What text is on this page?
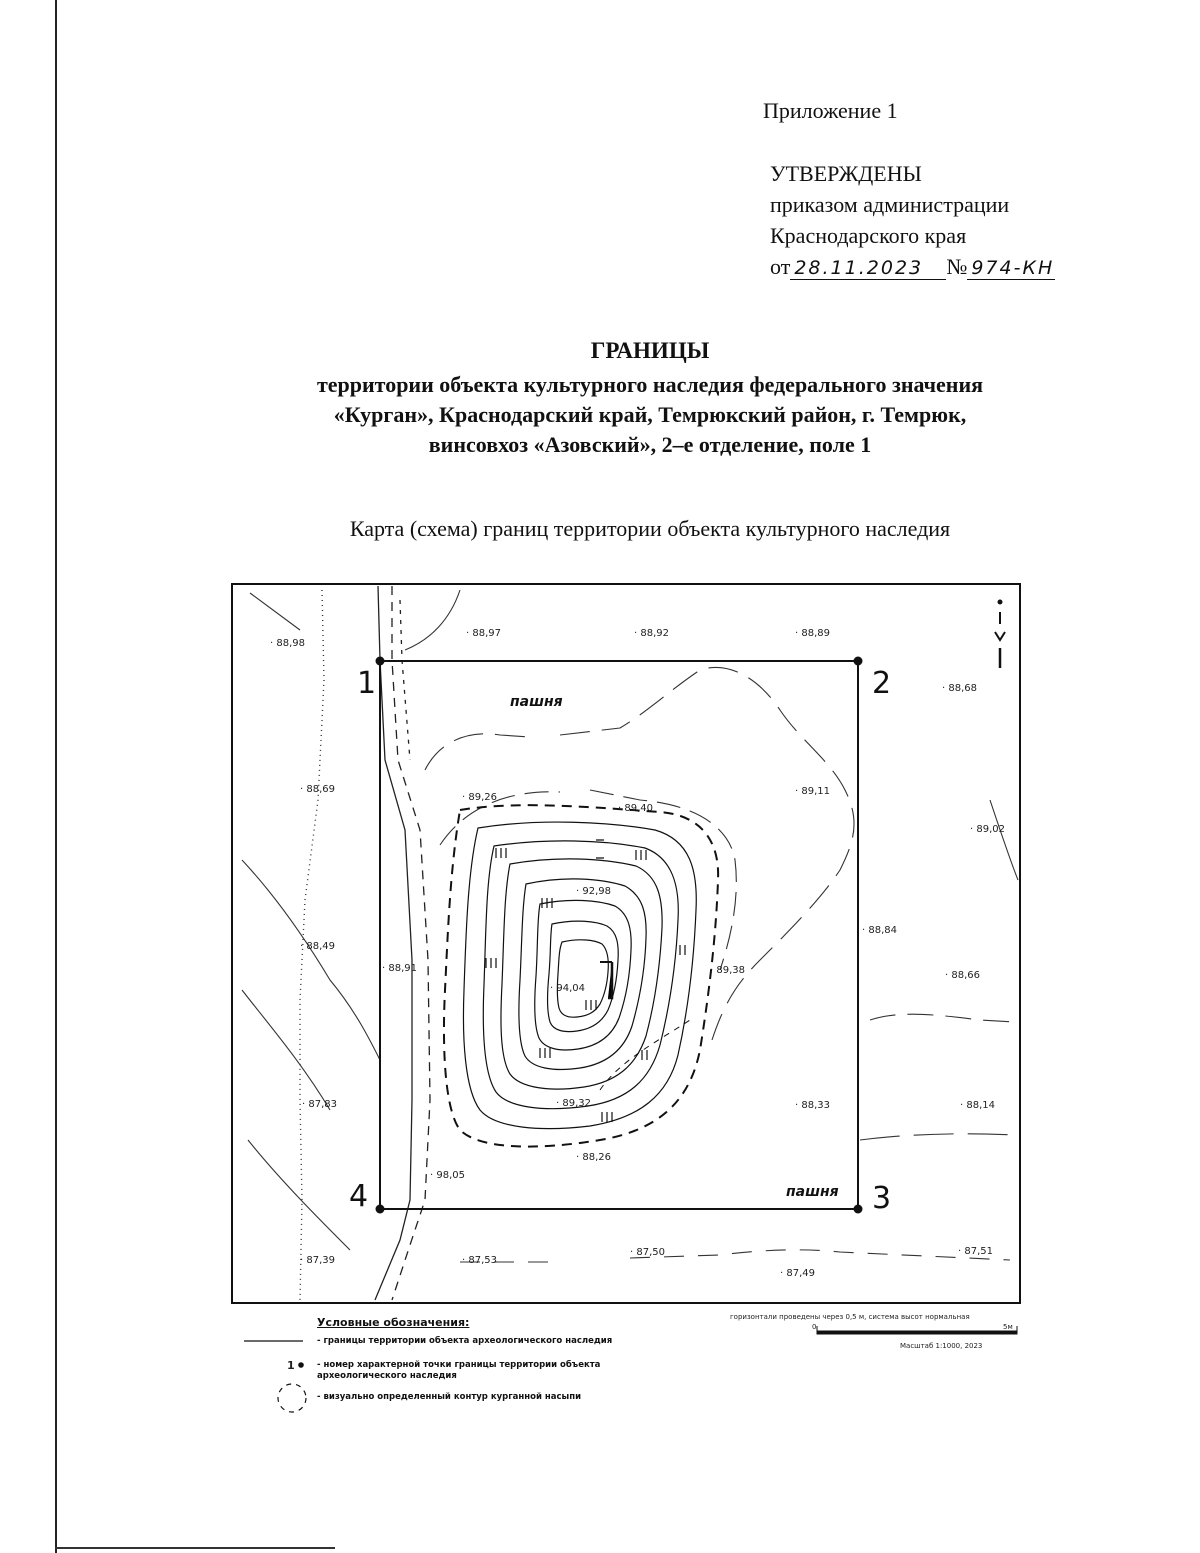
Приложение 1
УТВЕРЖДЕНЫ
приказом администрации
Краснодарского края
от 28.11.2023 № 974-КН
ГРАНИЦЫ
территории объекта культурного наследия федерального значения
«Курган», Краснодарский край, Темрюкский район, г. Темрюк,
винсовхоз «Азовский», 2–е отделение, поле 1
Карта (схема) границ территории объекта культурного наследия
1	2
3
4
пашня
пашня
· 88,98
· 88,97	· 88,92	· 88,89
· 88,68
· 88,69	· 89,11
· 89,02
· 89,26
· 89,40
· 92,98
· 88,84
· 88,49
· 88,91	· 89,38	· 88,66
· 94,04
· 87,83	· 89,32	· 88,33	· 88,14
· 88,26
· 98,05
· 87,39	· 87,53
· 87,50
· 87,49
· 87,51
1
горизонтали проведены через 0,5 м, система высот нормальная
0	5м
Масштаб 1:1000, 2023
Условные обозначения:
- границы территории объекта археологического наследия
- номер характерной точки границы территории объекта археологического наследия
- визуально определенный контур курганной насыпи
